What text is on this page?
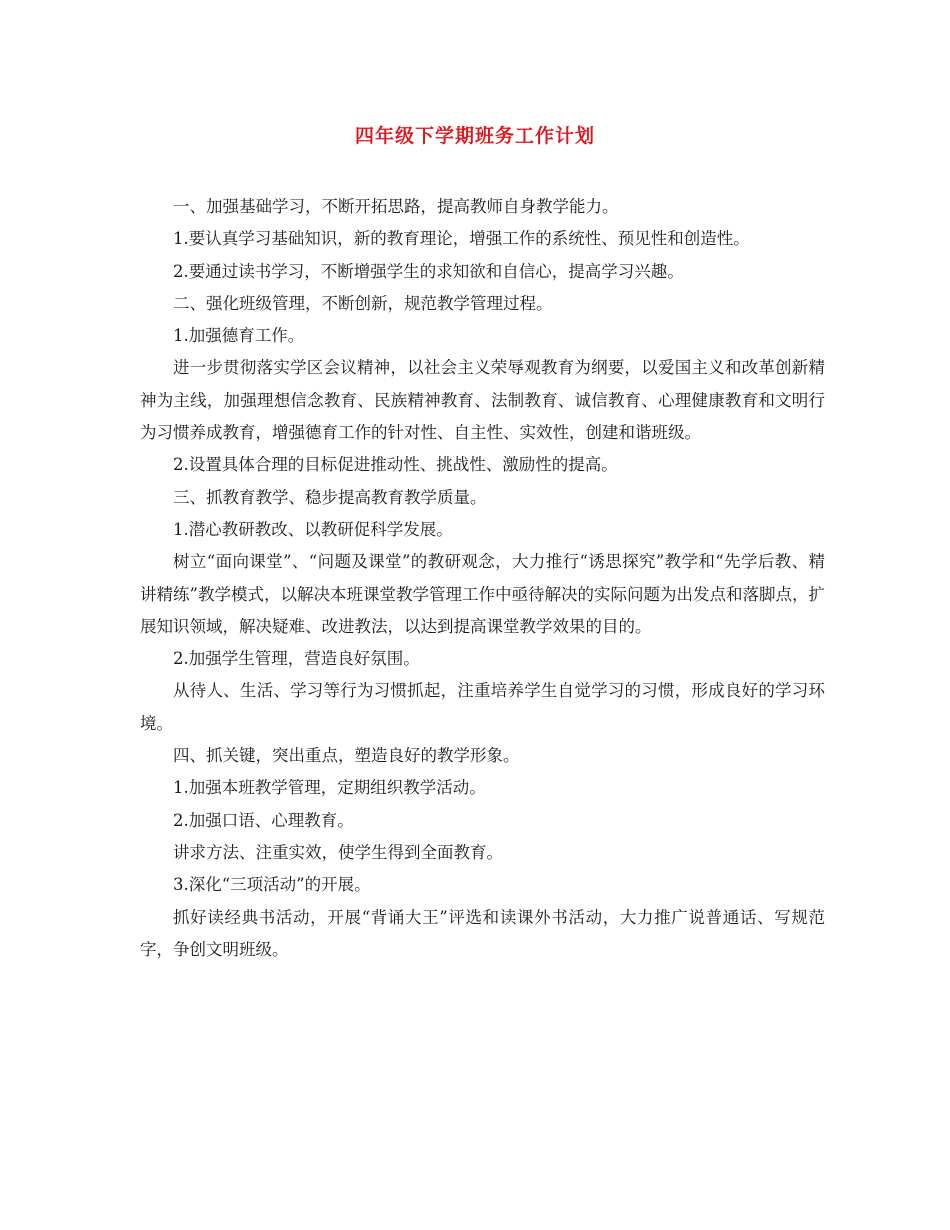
四年级下学期班务工作计划

一、加强基础学习，不断开拓思路，提高教师自身教学能力。

1.要认真学习基础知识，新的教育理论，增强工作的系统性、预见性和创造性。

2.要通过读书学习，不断增强学生的求知欲和自信心，提高学习兴趣。

二、强化班级管理，不断创新，规范教学管理过程。

1.加强德育工作。

进一步贯彻落实学区会议精神，以社会主义荣辱观教育为纲要，以爱国主义和改革创新精神为主线，加强理想信念教育、民族精神教育、法制教育、诚信教育、心理健康教育和文明行为习惯养成教育，增强德育工作的针对性、自主性、实效性，创建和谐班级。

2.设置具体合理的目标促进推动性、挑战性、激励性的提高。

三、抓教育教学、稳步提高教育教学质量。

1.潜心教研教改、以教研促科学发展。

树立“面向课堂”、“问题及课堂”的教研观念，大力推行“诱思探究”教学和“先学后教、精讲精练”教学模式，以解决本班课堂教学管理工作中亟待解决的实际问题为出发点和落脚点，扩展知识领域，解决疑难、改进教法，以达到提高课堂教学效果的目的。

2.加强学生管理，营造良好氛围。

从待人、生活、学习等行为习惯抓起，注重培养学生自觉学习的习惯，形成良好的学习环境。

四、抓关键，突出重点，塑造良好的教学形象。

1.加强本班教学管理，定期组织教学活动。

2.加强口语、心理教育。

讲求方法、注重实效，使学生得到全面教育。

3.深化“三项活动”的开展。

抓好读经典书活动，开展“背诵大王”评选和读课外书活动，大力推广说普通话、写规范字，争创文明班级。
